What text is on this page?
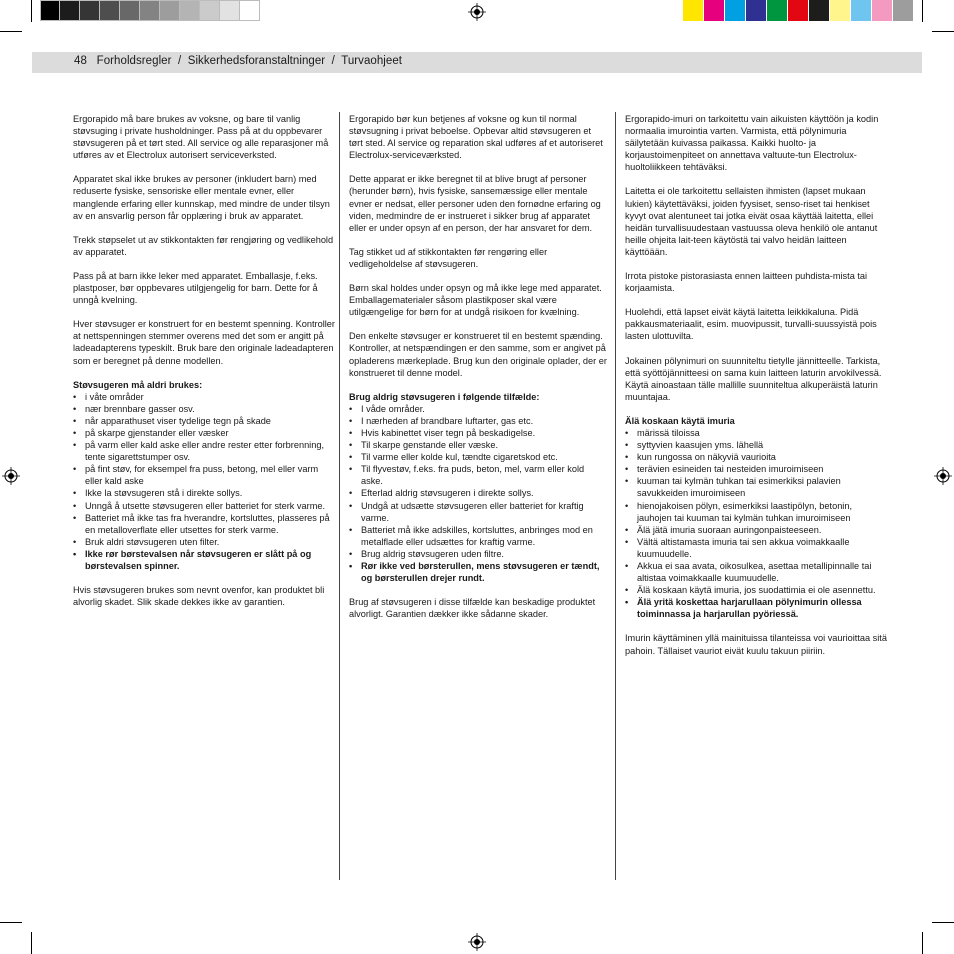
48 Forholdsregler  /  Sikkerhedsforanstaltninger  /  Turvaohjeet

Ergorapido må bare brukes av voksne, og bare til vanlig støvsuging i private husholdninger. Pass på at du oppbevarer støvsugeren på et tørt sted. All service og alle reparasjoner må utføres av et Electrolux autorisert serviceverksted.

Apparatet skal ikke brukes av personer (inkludert barn) med reduserte fysiske, sensoriske eller mentale evner, eller manglende erfaring eller kunnskap, med mindre de under tilsyn av en ansvarlig person får opplæring i bruk av apparatet.

Trekk støpselet ut av stikkontakten før rengjøring og vedlikehold av apparatet.

Pass på at barn ikke leker med apparatet. Emballasje, f.eks. plastposer, bør oppbevares utilgjengelig for barn. Dette for å unngå kvelning.

Hver støvsuger er konstruert for en bestemt spenning. Kontroller at nettspenningen stemmer overens med det som er angitt på ladeadapterens typeskilt. Bruk bare den originale ladeadapteren som er beregnet på denne modellen.

Støvsugeren må aldri brukes:
• i våte områder
• nær brennbare gasser osv.
• når apparathuset viser tydelige tegn på skade
• på skarpe gjenstander eller væsker
• på varm eller kald aske eller andre rester etter forbrenning, tente sigarettstumper osv.
• på fint støv, for eksempel fra puss, betong, mel eller varm eller kald aske
• Ikke la støvsugeren stå i direkte sollys.
• Unngå å utsette støvsugeren eller batteriet for sterk varme.
• Batteriet må ikke tas fra hverandre, kortsluttes, plasseres på en metalloverflate eller utsettes for sterk varme.
• Bruk aldri støvsugeren uten filter.
• Ikke rør børstevalsen når støvsugeren er slått på og børstevalsen spinner.

Hvis støvsugeren brukes som nevnt ovenfor, kan produktet bli alvorlig skadet. Slik skade dekkes ikke av garantien.

Ergorapido bør kun betjenes af voksne og kun til normal støvsugning i privat beboelse. Opbevar altid støvsugeren et tørt sted. Al service og reparation skal udføres af et autoriseret Electrolux-serviceværksted.

Dette apparat er ikke beregnet til at blive brugt af personer (herunder børn), hvis fysiske, sansemæssige eller mentale evner er nedsat, eller personer uden den fornødne erfaring og viden, medmindre de er instrueret i sikker brug af apparatet eller er under opsyn af en person, der har ansvaret for dem.

Tag stikket ud af stikkontakten før rengøring eller vedligeholdelse af støvsugeren.

Børn skal holdes under opsyn og må ikke lege med apparatet. Emballagematerialer såsom plastikposer skal være utilgængelige for børn for at undgå risikoen for kvælning.

Den enkelte støvsuger er konstrueret til en bestemt spænding. Kontroller, at netspændingen er den samme, som er angivet på opladerens mærkeplade. Brug kun den originale oplader, der er konstrueret til denne model.

Brug aldrig støvsugeren i følgende tilfælde:
• I våde områder.
• I nærheden af brandbare luftarter, gas etc.
• Hvis kabinettet viser tegn på beskadigelse.
• Til skarpe genstande eller væske.
• Til varme eller kolde kul, tændte cigaretskod etc.
• Til flyvestøv, f.eks. fra puds, beton, mel, varm eller kold aske.
• Efterlad aldrig støvsugeren i direkte sollys.
• Undgå at udsætte støvsugeren eller batteriet for kraftig varme.
• Batteriet må ikke adskilles, kortsluttes, anbringes mod en metalflade eller udsættes for kraftig varme.
• Brug aldrig støvsugeren uden filtre.
• Rør ikke ved børsterullen, mens støvsugeren er tændt, og børsterullen drejer rundt.

Brug af støvsugeren i disse tilfælde kan beskadige produktet alvorligt. Garantien dækker ikke sådanne skader.

Ergorapido-imuri on tarkoitettu vain aikuisten käyttöön ja kodin normaalia imurointia varten. Varmista, että pölynimuria säilytetään kuivassa paikassa. Kaikki huolto- ja korjaustoimenpiteet on annettava valtuute-tun Electrolux-huoltoliikkeen tehtäväksi.

Laitetta ei ole tarkoitettu sellaisten ihmisten (lapset mukaan lukien) käytettäväksi, joiden fyysiset, senso-riset tai henkiset kyvyt ovat alentuneet tai jotka eivät osaa käyttää laitetta, ellei heidän turvallisuudestaan vastuussa oleva henkilö ole antanut heille ohjeita lait-teen käytöstä tai valvo heidän laitteen käyttöään.

Irrota pistoke pistorasiasta ennen laitteen puhdista-mista tai korjaamista.

Huolehdi, että lapset eivät käytä laitetta leikkikaluna. Pidä pakkausmateriaalit, esim. muovipussit, turvalli-suussyistä pois lasten ulottuvilta.

Jokainen pölynimuri on suunniteltu tietylle jännitteelle. Tarkista, että syöttöjännitteesi on sama kuin laitteen laturin arvokilvessä. Käytä ainoastaan tälle mallille suunniteltua alkuperäistä laturin muuntajaa.

Älä koskaan käytä imuria
• märissä tiloissa
• syttyvien kaasujen yms. lähellä
• kun rungossa on näkyviä vaurioita
• terävien esineiden tai nesteiden imuroimiseen
• kuuman tai kylmän tuhkan tai esimerkiksi palavien savukkeiden imuroimiseen
• hienojakoisen pölyn, esimerkiksi laastipölyn, betonin, jauhojen tai kuuman tai kylmän tuhkan imuroimiseen
• Älä jätä imuria suoraan auringonpaisteeseen.
• Vältä altistamasta imuria tai sen akkua voimakkaalle kuumuudelle.
• Akkua ei saa avata, oikosulkea, asettaa metallipinnalle tai altistaa voimakkaalle kuumuudelle.
• Älä koskaan käytä imuria, jos suodattimia ei ole asennettu.
• Älä yritä koskettaa harjarullaan pölynimurin ollessa toiminnassa ja harjarullan pyöriessä.

Imurin käyttäminen yllä mainituissa tilanteissa voi vaurioittaa sitä pahoin. Tällaiset vauriot eivät kuulu takuun piiriin.
